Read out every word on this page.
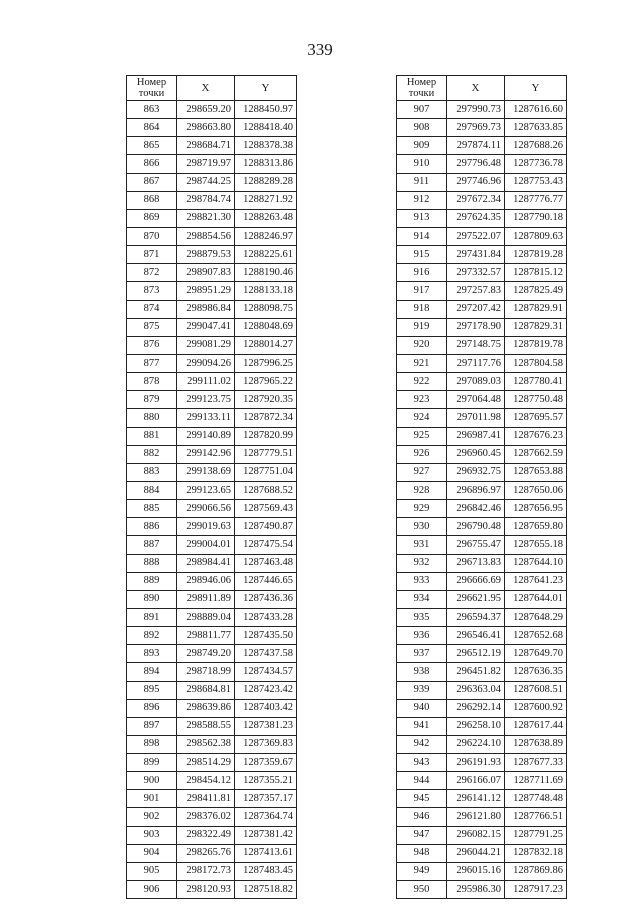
339
Номер
точки	X	Y
863	298659.20	1288450.97
864	298663.80	1288418.40
865	298684.71	1288378.38
866	298719.97	1288313.86
867	298744.25	1288289.28
868	298784.74	1288271.92
869	298821.30	1288263.48
870	298854.56	1288246.97
871	298879.53	1288225.61
872	298907.83	1288190.46
873	298951.29	1288133.18
874	298986.84	1288098.75
875	299047.41	1288048.69
876	299081.29	1288014.27
877	299094.26	1287996.25
878	299111.02	1287965.22
879	299123.75	1287920.35
880	299133.11	1287872.34
881	299140.89	1287820.99
882	299142.96	1287779.51
883	299138.69	1287751.04
884	299123.65	1287688.52
885	299066.56	1287569.43
886	299019.63	1287490.87
887	299004.01	1287475.54
888	298984.41	1287463.48
889	298946.06	1287446.65
890	298911.89	1287436.36
891	298889.04	1287433.28
892	298811.77	1287435.50
893	298749.20	1287437.58
894	298718.99	1287434.57
895	298684.81	1287423.42
896	298639.86	1287403.42
897	298588.55	1287381.23
898	298562.38	1287369.83
899	298514.29	1287359.67
900	298454.12	1287355.21
901	298411.81	1287357.17
902	298376.02	1287364.74
903	298322.49	1287381.42
904	298265.76	1287413.61
905	298172.73	1287483.45
906	298120.93	1287518.82
Номер
точки	X	Y
907	297990.73	1287616.60
908	297969.73	1287633.85
909	297874.11	1287688.26
910	297796.48	1287736.78
911	297746.96	1287753.43
912	297672.34	1287776.77
913	297624.35	1287790.18
914	297522.07	1287809.63
915	297431.84	1287819.28
916	297332.57	1287815.12
917	297257.83	1287825.49
918	297207.42	1287829.91
919	297178.90	1287829.31
920	297148.75	1287819.78
921	297117.76	1287804.58
922	297089.03	1287780.41
923	297064.48	1287750.48
924	297011.98	1287695.57
925	296987.41	1287676.23
926	296960.45	1287662.59
927	296932.75	1287653.88
928	296896.97	1287650.06
929	296842.46	1287656.95
930	296790.48	1287659.80
931	296755.47	1287655.18
932	296713.83	1287644.10
933	296666.69	1287641.23
934	296621.95	1287644.01
935	296594.37	1287648.29
936	296546.41	1287652.68
937	296512.19	1287649.70
938	296451.82	1287636.35
939	296363.04	1287608.51
940	296292.14	1287600.92
941	296258.10	1287617.44
942	296224.10	1287638.89
943	296191.93	1287677.33
944	296166.07	1287711.69
945	296141.12	1287748.48
946	296121.80	1287766.51
947	296082.15	1287791.25
948	296044.21	1287832.18
949	296015.16	1287869.86
950	295986.30	1287917.23
